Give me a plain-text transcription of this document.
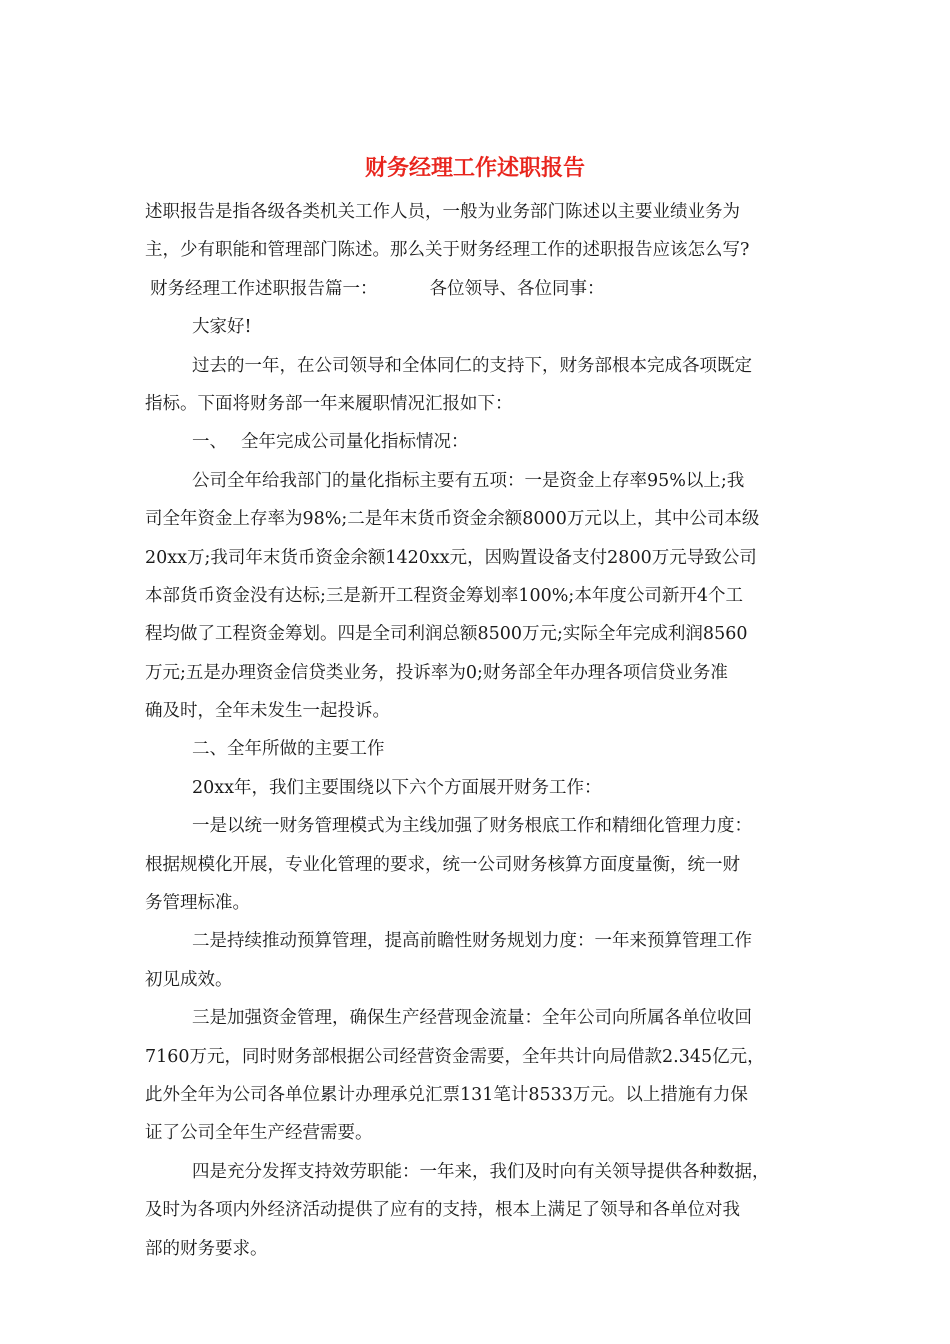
财务经理工作述职报告

述职报告是指各级各类机关工作人员，一般为业务部门陈述以主要业绩业务为

主，少有职能和管理部门陈述。那么关于财务经理工作的述职报告应该怎么写?

财务经理工作述职报告篇一：	各位领导、各位同事：

大家好!

过去的一年，在公司领导和全体同仁的支持下，财务部根本完成各项既定

指标。下面将财务部一年来履职情况汇报如下：

一、 全年完成公司量化指标情况：

公司全年给我部门的量化指标主要有五项：一是资金上存率95%以上;我

司全年资金上存率为98%;二是年末货币资金余额8000万元以上，其中公司本级

20xx万;我司年末货币资金余额1420xx元，因购置设备支付2800万元导致公司

本部货币资金没有达标;三是新开工程资金筹划率100%;本年度公司新开4个工

程均做了工程资金筹划。四是全司利润总额8500万元;实际全年完成利润8560

万元;五是办理资金信贷类业务，投诉率为0;财务部全年办理各项信贷业务准

确及时，全年未发生一起投诉。

二、全年所做的主要工作

20xx年，我们主要围绕以下六个方面展开财务工作：

一是以统一财务管理模式为主线加强了财务根底工作和精细化管理力度：

根据规模化开展，专业化管理的要求，统一公司财务核算方面度量衡，统一财

务管理标准。

二是持续推动预算管理，提高前瞻性财务规划力度：一年来预算管理工作

初见成效。

三是加强资金管理，确保生产经营现金流量：全年公司向所属各单位收回

7160万元，同时财务部根据公司经营资金需要，全年共计向局借款2.345亿元，

此外全年为公司各单位累计办理承兑汇票131笔计8533万元。以上措施有力保

证了公司全年生产经营需要。

四是充分发挥支持效劳职能：一年来，我们及时向有关领导提供各种数据，

及时为各项内外经济活动提供了应有的支持，根本上满足了领导和各单位对我

部的财务要求。
